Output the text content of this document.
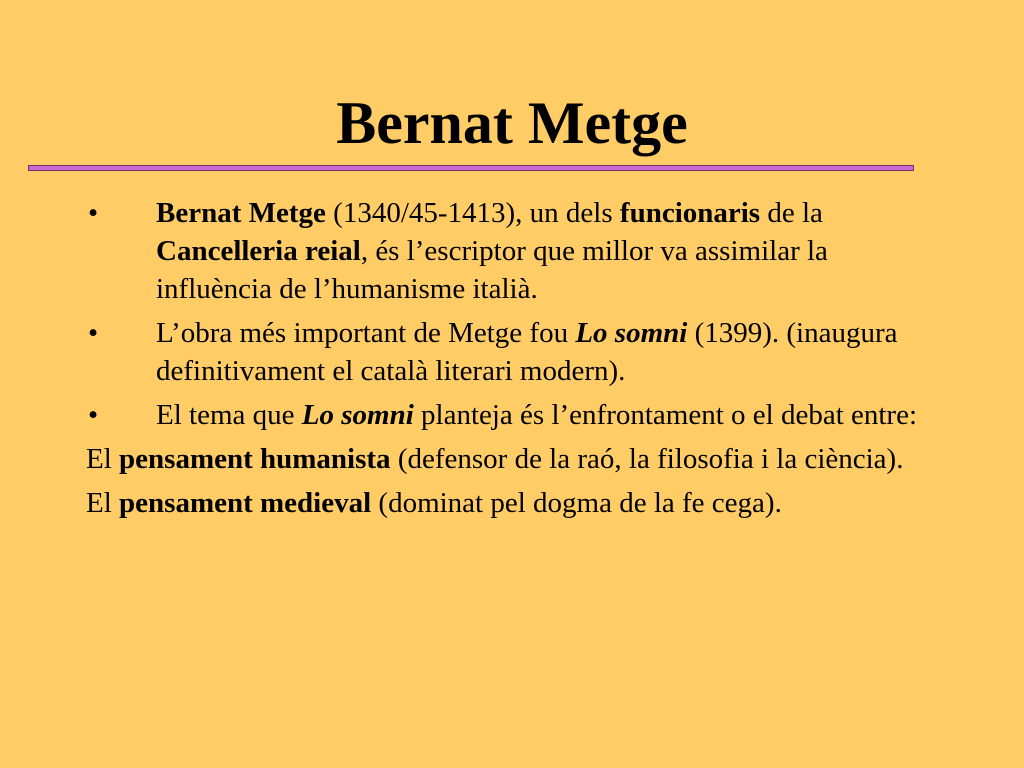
Bernat Metge
• Bernat Metge (1340/45-1413), un dels funcionaris de la Cancelleria reial, és l’escriptor que millor va assimilar la influència de l’humanisme italià.
• L’obra més important de Metge fou Lo somni (1399). (inaugura definitivament el català literari modern).
• El tema que Lo somni planteja és l’enfrontament o el debat entre:
El pensament humanista (defensor de la raó, la filosofia i la ciència).
El pensament medieval (dominat pel dogma de la fe cega).
